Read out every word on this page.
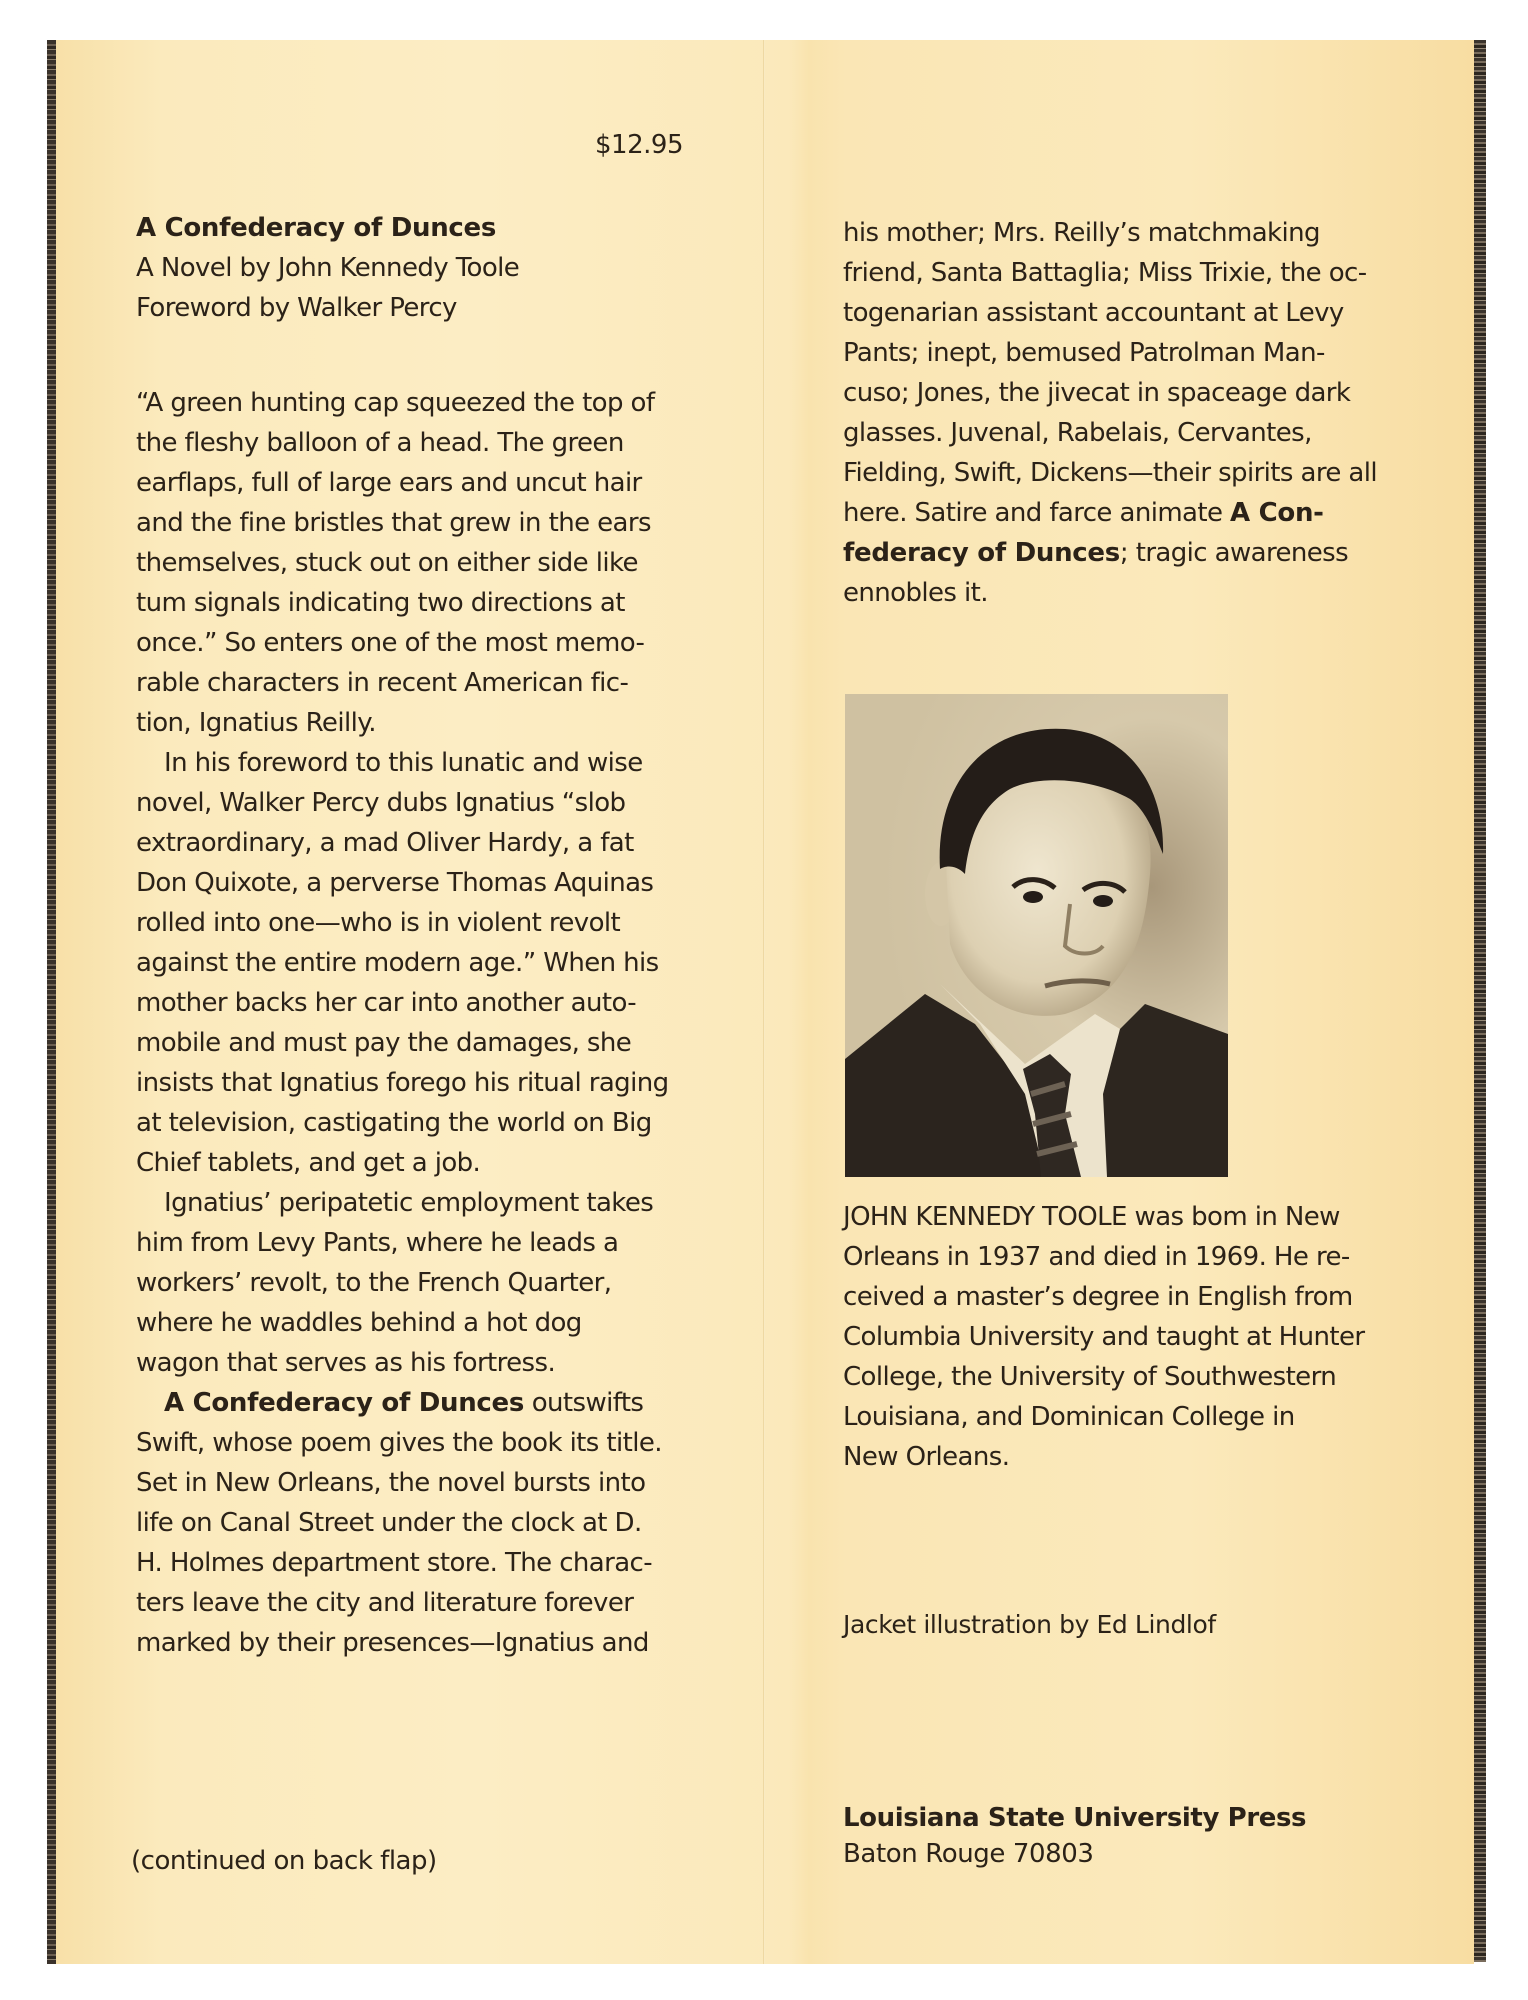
$12.95
A Confederacy of Dunces
A Novel by John Kennedy Toole
Foreword by Walker Percy
“A green hunting cap squeezed the top of
the fleshy balloon of a head. The green
earflaps, full of large ears and uncut hair
and the fine bristles that grew in the ears
themselves, stuck out on either side like
tum signals indicating two directions at
once.” So enters one of the most memo-
rable characters in recent American fic-
tion, Ignatius Reilly.
In his foreword to this lunatic and wise
novel, Walker Percy dubs Ignatius “slob
extraordinary, a mad Oliver Hardy, a fat
Don Quixote, a perverse Thomas Aquinas
rolled into one—who is in violent revolt
against the entire modern age.” When his
mother backs her car into another auto-
mobile and must pay the damages, she
insists that Ignatius forego his ritual raging
at television, castigating the world on Big
Chief tablets, and get a job.
Ignatius’ peripatetic employment takes
him from Levy Pants, where he leads a
workers’ revolt, to the French Quarter,
where he waddles behind a hot dog
wagon that serves as his fortress.
A Confederacy of Dunces outswifts
Swift, whose poem gives the book its title.
Set in New Orleans, the novel bursts into
life on Canal Street under the clock at D.
H. Holmes department store. The charac-
ters leave the city and literature forever
marked by their presences—Ignatius and
(continued on back flap)
his mother; Mrs. Reilly’s matchmaking
friend, Santa Battaglia; Miss Trixie, the oc-
togenarian assistant accountant at Levy
Pants; inept, bemused Patrolman Man-
cuso; Jones, the jivecat in spaceage dark
glasses. Juvenal, Rabelais, Cervantes,
Fielding, Swift, Dickens—their spirits are all
here. Satire and farce animate A Con-
federacy of Dunces; tragic awareness
ennobles it.
JOHN KENNEDY TOOLE was bom in New
Orleans in 1937 and died in 1969. He re-
ceived a master’s degree in English from
Columbia University and taught at Hunter
College, the University of Southwestern
Louisiana, and Dominican College in
New Orleans.
Jacket illustration by Ed Lindlof
Louisiana State University Press
Baton Rouge 70803
